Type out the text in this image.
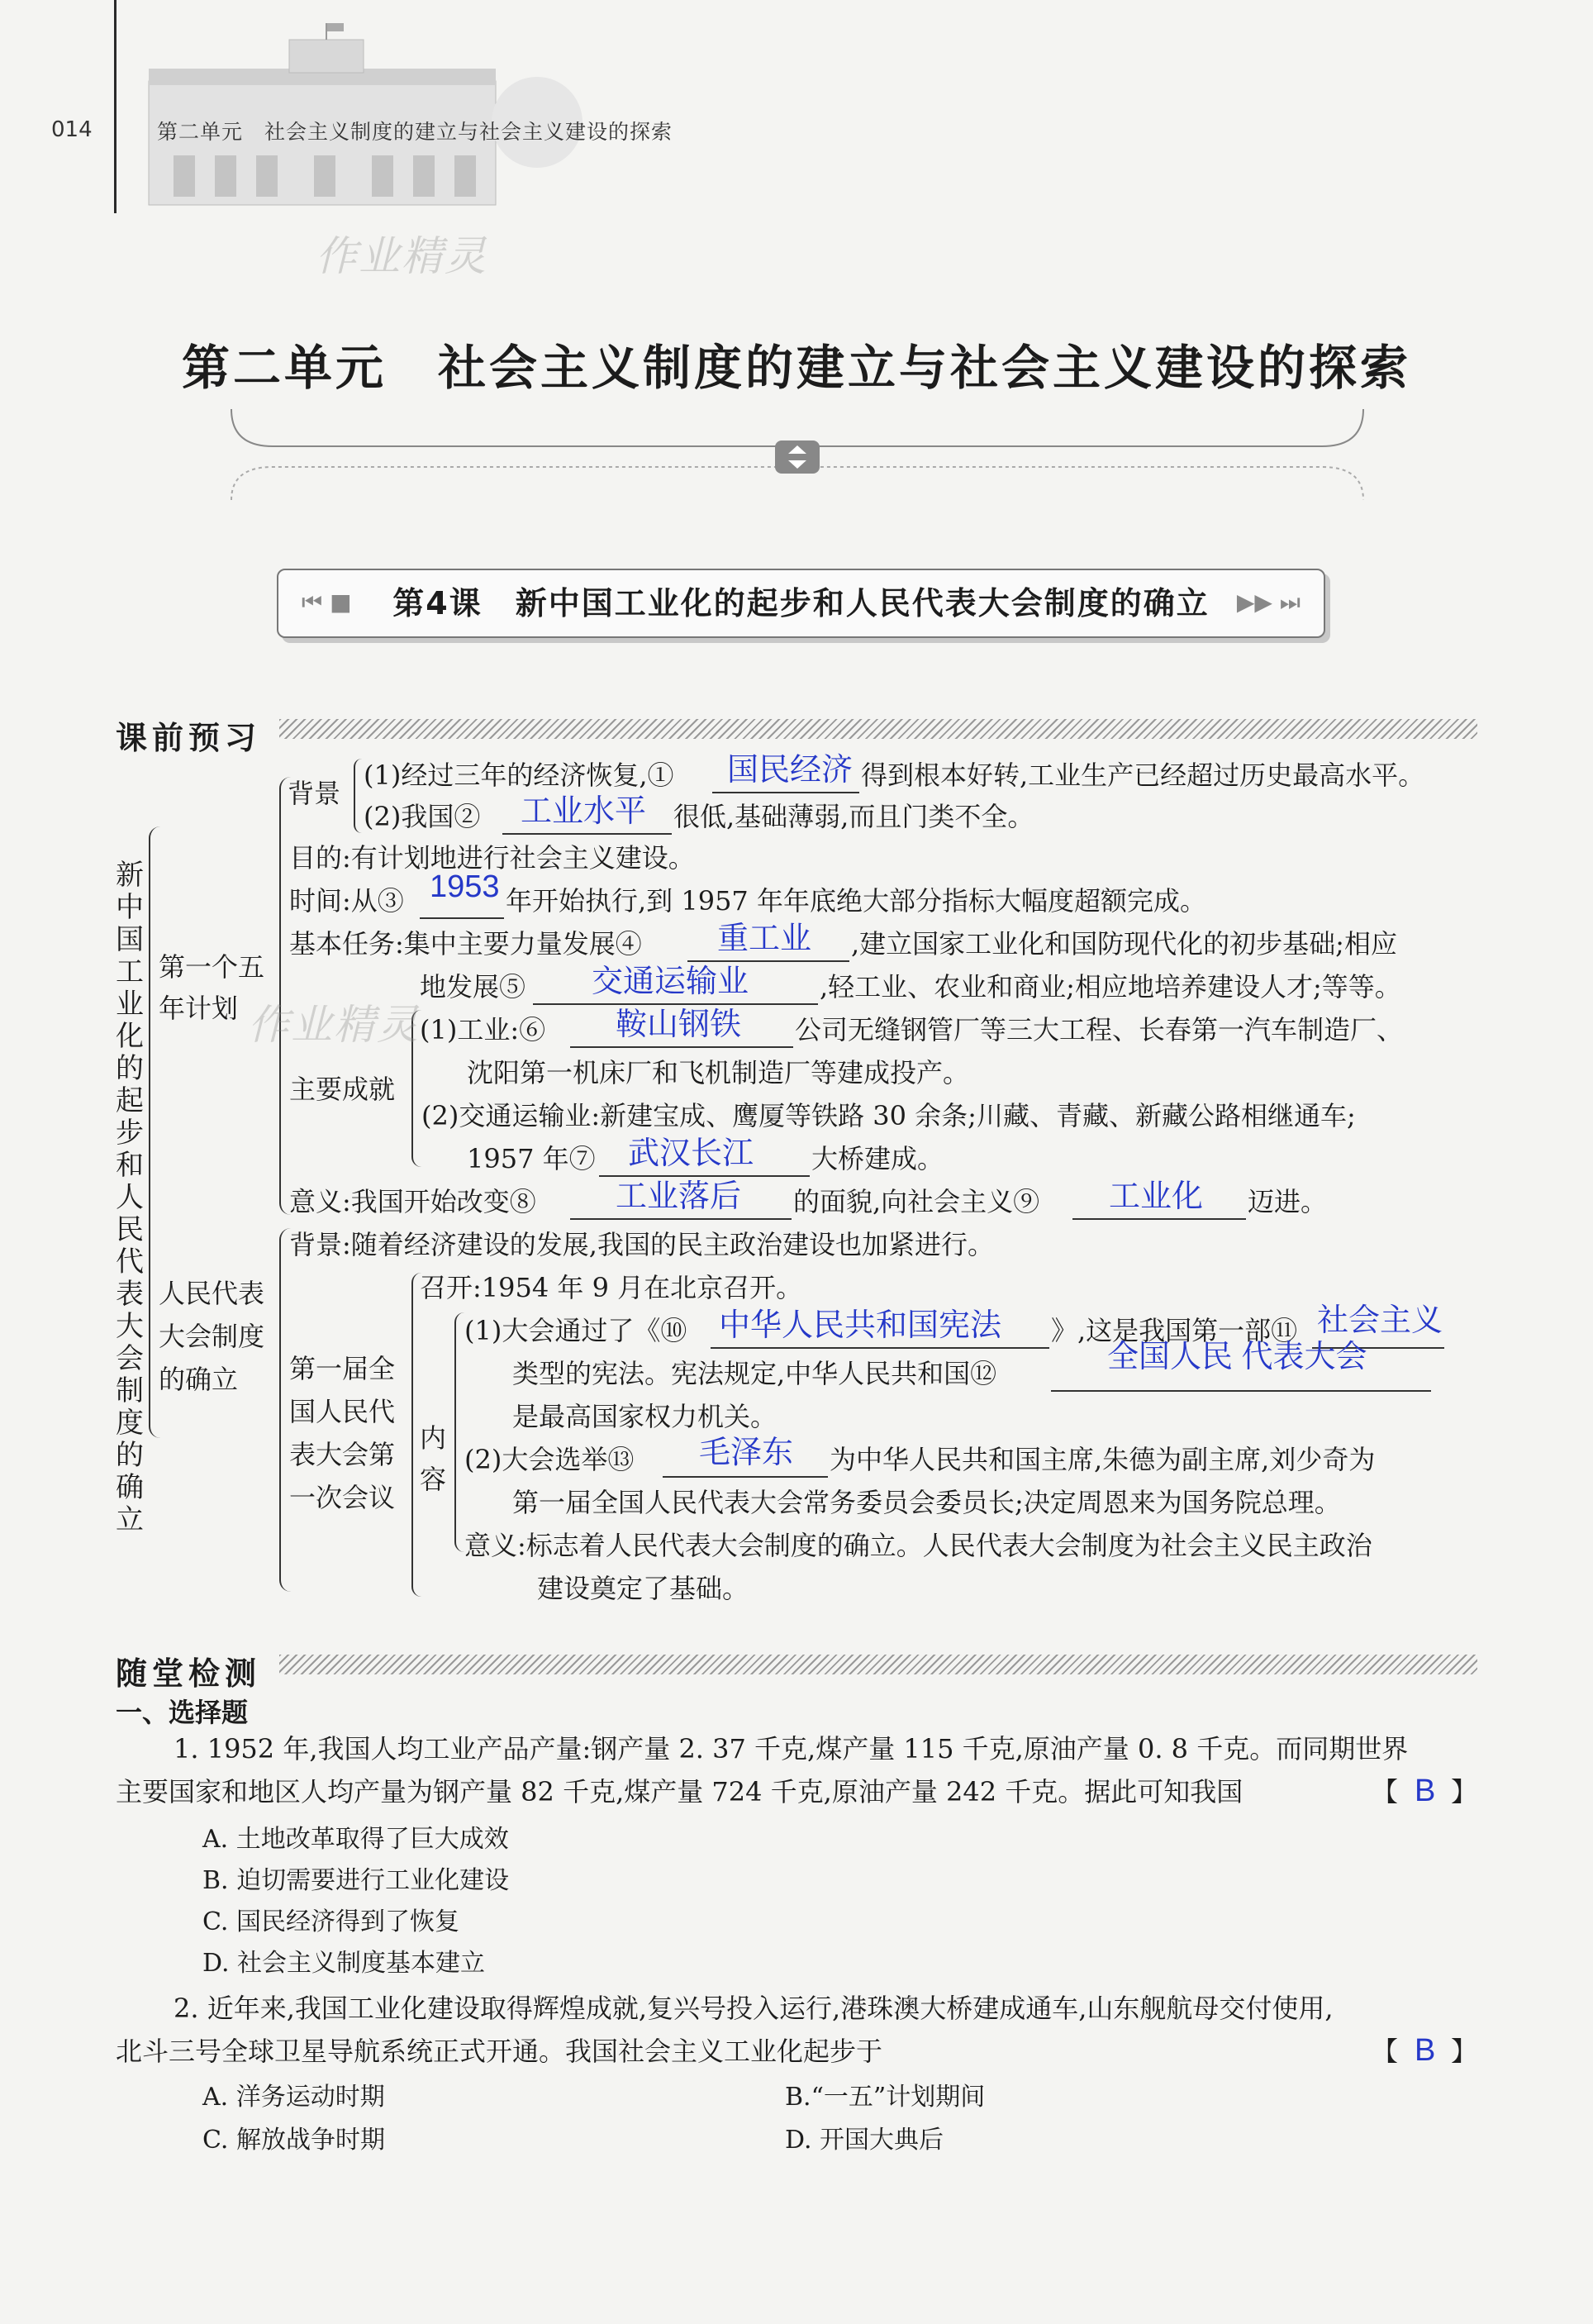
014	第二单元　社会主义制度的建立与社会主义建设的探索
作业精灵
第二单元　社会主义制度的建立与社会主义建设的探索
⏮ ■	第4课　新中国工业化的起步和人民代表大会制度的确立	▶▶ ⏭
课前预习
新中国工业化的起步和人民代表大会制度的确立
第一个五
年计划
背景
(1)经过三年的经济恢复,① 国民经济 得到根本好转,工业生产已经超过历史最高水平。
(2)我国② 工业水平 很低,基础薄弱,而且门类不全。
目的:有计划地进行社会主义建设。
时间:从③ 1953 年开始执行,到 1957 年年底绝大部分指标大幅度超额完成。
基本任务:集中主要力量发展④ 重工业 ,建立国家工业化和国防现代化的初步基础;相应
地发展⑤ 交通运输业	,轻工业、农业和商业;相应地培养建设人才;等等。
主要成就
(1)工业:⑥ 鞍山钢铁 公司无缝钢管厂等三大工程、长春第一汽车制造厂、
沈阳第一机床厂和飞机制造厂等建成投产。
(2)交通运输业:新建宝成、鹰厦等铁路 30 余条;川藏、青藏、新藏公路相继通车;
1957 年⑦ 武汉长江 大桥建成。
意义:我国开始改变⑧	工业落后 的面貌,向社会主义⑨ 工业化 迈进。
作业精灵
人民代表
大会制度
的确立
背景:随着经济建设的发展,我国的民主政治建设也加紧进行。
第一届全
国人民代
表大会第
一次会议
召开:1954 年 9 月在北京召开。
内
容
(1)大会通过了《⑩ 中华人民共和国宪法 》,这是我国第一部⑪ 社会主义
类型的宪法。宪法规定,中华人民共和国⑫	全国人民 代表大会
是最高国家权力机关。
(2)大会选举⑬ 毛泽东 为中华人民共和国主席,朱德为副主席,刘少奇为
第一届全国人民代表大会常务委员会委员长;决定周恩来为国务院总理。
意义:标志着人民代表大会制度的确立。人民代表大会制度为社会主义民主政治
建设奠定了基础。
随堂检测
一、选择题
1. 1952 年,我国人均工业产品产量:钢产量 2. 37 千克,煤产量 115 千克,原油产量 0. 8 千克。而同期世界
主要国家和地区人均产量为钢产量 82 千克,煤产量 724 千克,原油产量 242 千克。据此可知我国	【 B 】
A. 土地改革取得了巨大成效
B. 迫切需要进行工业化建设
C. 国民经济得到了恢复
D. 社会主义制度基本建立
2. 近年来,我国工业化建设取得辉煌成就,复兴号投入运行,港珠澳大桥建成通车,山东舰航母交付使用,
北斗三号全球卫星导航系统正式开通。我国社会主义工业化起步于	【 B 】
A. 洋务运动时期	B.“一五”计划期间
C. 解放战争时期	D. 开国大典后
